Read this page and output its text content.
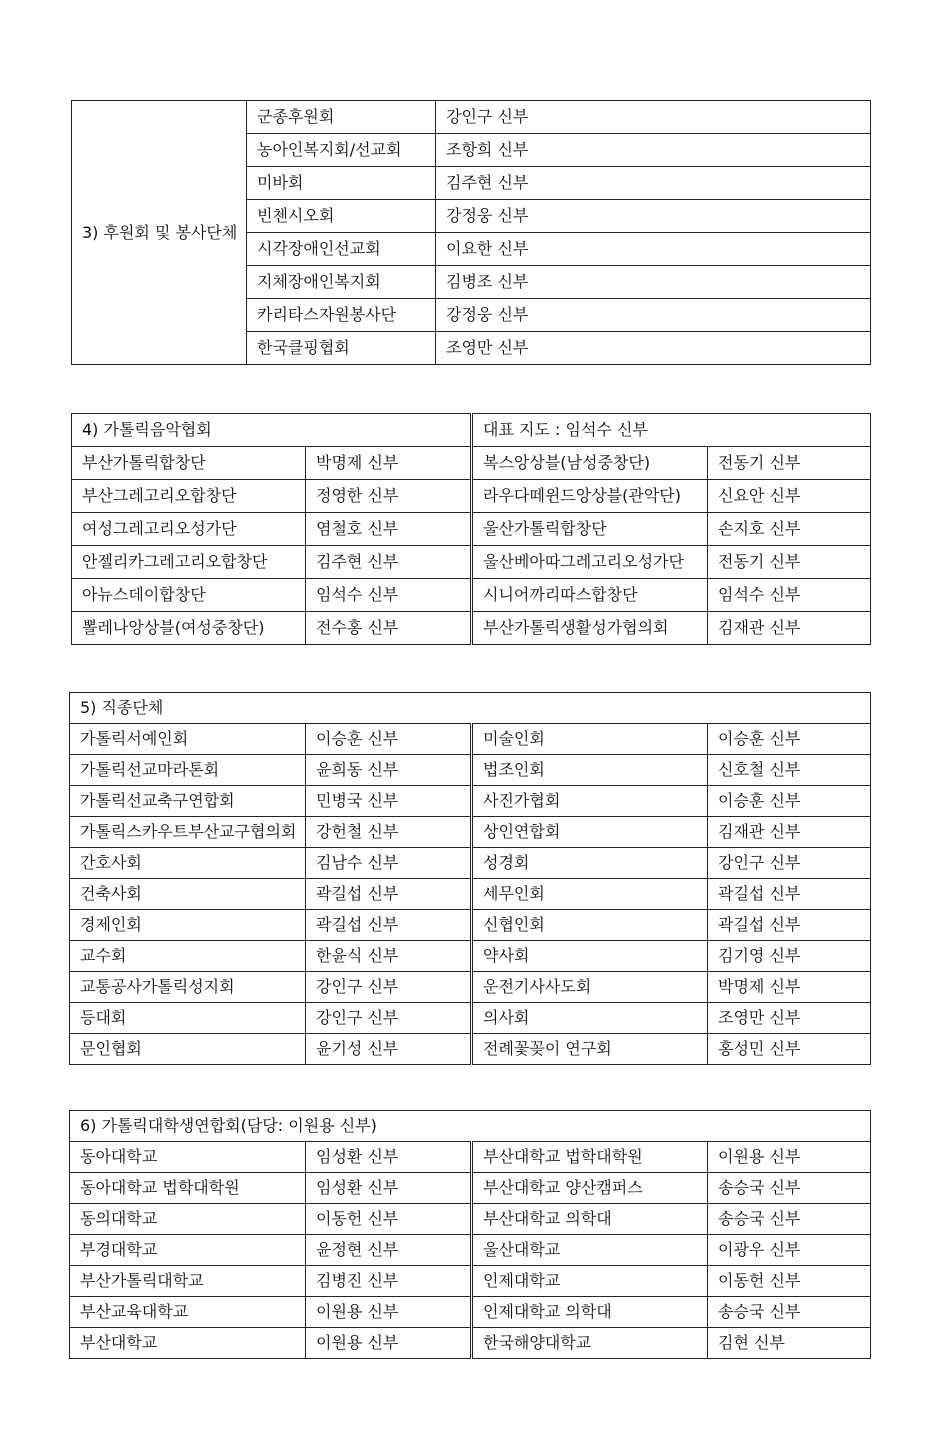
3) 후원회 및 봉사단체	군종후원회	강인구 신부
	농아인복지회/선교회	조항희 신부
	미바회	김주현 신부
	빈첸시오회	강정웅 신부
	시각장애인선교회	이요한 신부
	지체장애인복지회	김병조 신부
	카리타스자원봉사단	강정웅 신부
	한국클핑협회	조영만 신부
4) 가톨릭음악협회		대표 지도 : 임석수 신부	
부산가톨릭합창단	박명제 신부	복스앙상블(남성중창단)	전동기 신부
부산그레고리오합창단	정영한 신부	라우다떼윈드앙상블(관악단)	신요안 신부
여성그레고리오성가단	염철호 신부	울산가톨릭합창단	손지호 신부
안젤리카그레고리오합창단	김주현 신부	울산베아따그레고리오성가단	전동기 신부
아뉴스데이합창단	임석수 신부	시니어까리따스합창단	임석수 신부
뽈레나앙상블(여성중창단)	전수홍 신부	부산가톨릭생활성가협의회	김재관 신부
5) 직종단체			
가톨릭서예인회	이승훈 신부	미술인회	이승훈 신부
가톨릭선교마라톤회	윤희동 신부	법조인회	신호철 신부
가톨릭선교축구연합회	민병국 신부	사진가협회	이승훈 신부
가톨릭스카우트부산교구협의회	강헌철 신부	상인연합회	김재관 신부
간호사회	김남수 신부	성경회	강인구 신부
건축사회	곽길섭 신부	세무인회	곽길섭 신부
경제인회	곽길섭 신부	신협인회	곽길섭 신부
교수회	한윤식 신부	약사회	김기영 신부
교통공사가톨릭성지회	강인구 신부	운전기사사도회	박명제 신부
등대회	강인구 신부	의사회	조영만 신부
문인협회	윤기성 신부	전례꽃꽂이 연구회	홍성민 신부
6) 가톨릭대학생연합회(담당: 이원용 신부)			
동아대학교	임성환 신부	부산대학교 법학대학원	이원용 신부
동아대학교 법학대학원	임성환 신부	부산대학교 양산캠퍼스	송승국 신부
동의대학교	이동헌 신부	부산대학교 의학대	송승국 신부
부경대학교	윤정현 신부	울산대학교	이광우 신부
부산가톨릭대학교	김병진 신부	인제대학교	이동헌 신부
부산교육대학교	이원용 신부	인제대학교 의학대	송승국 신부
부산대학교	이원용 신부	한국해양대학교	김현 신부
